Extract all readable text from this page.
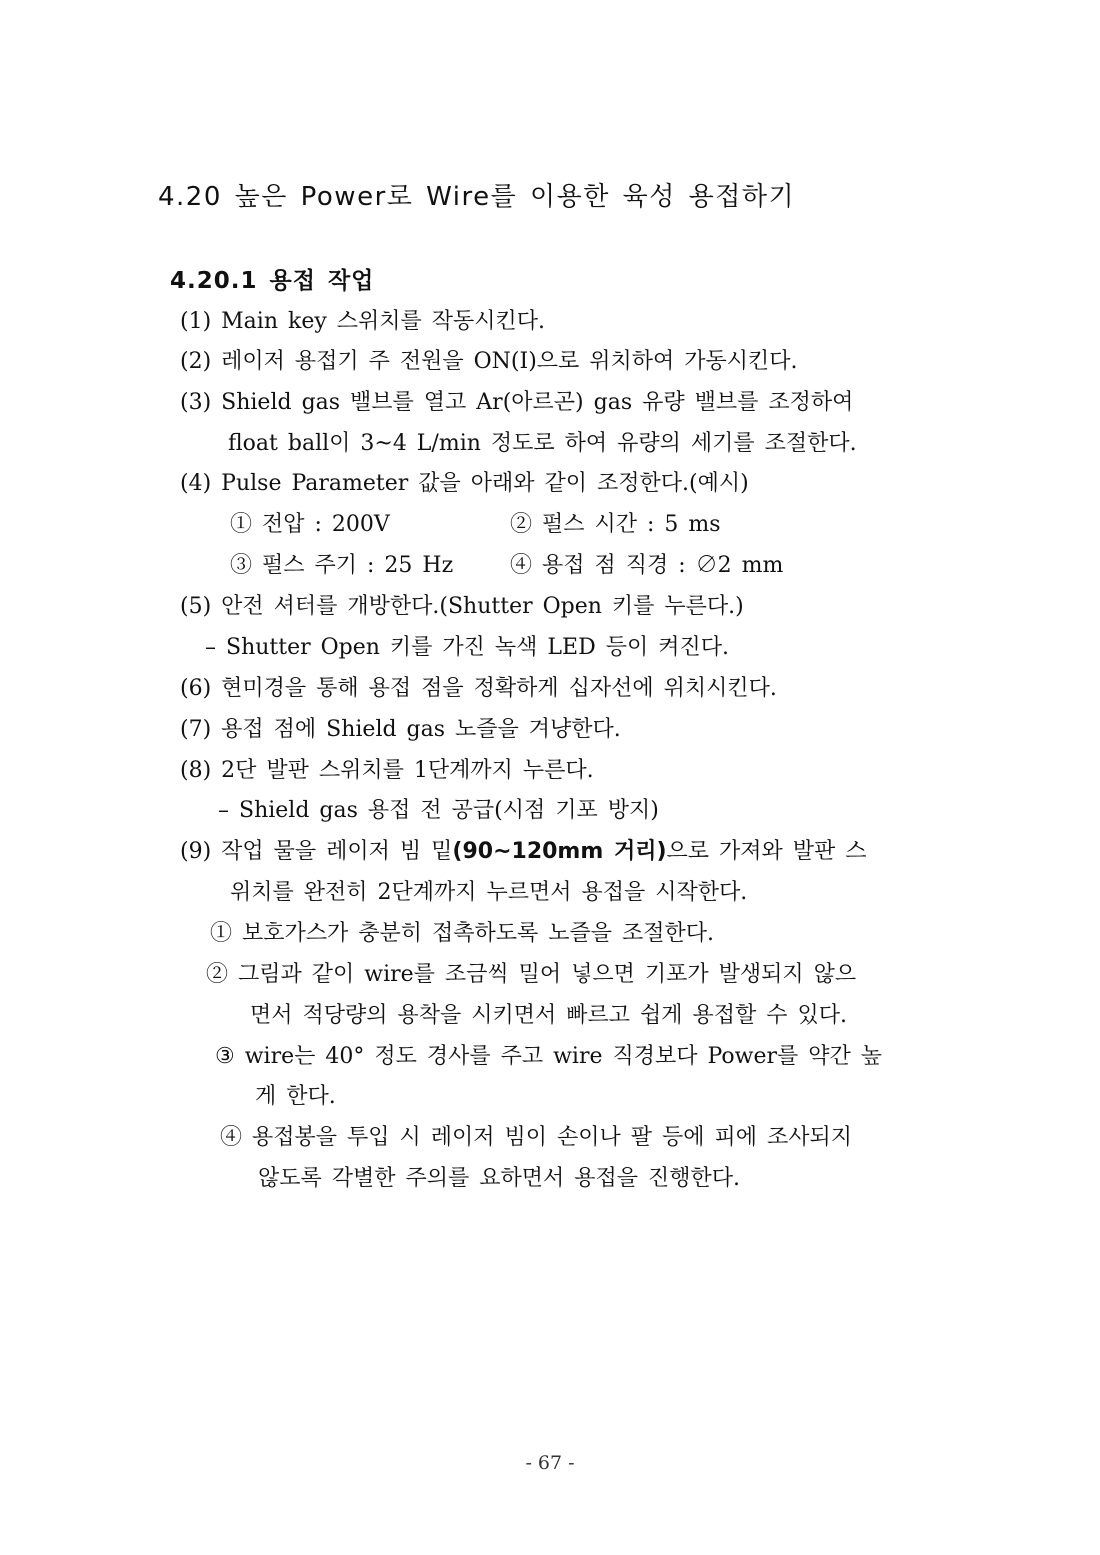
4.20 높은 Power로 Wire를 이용한 육성 용접하기
4.20.1 용접 작업
(1) Main key 스위치를 작동시킨다.
(2) 레이저 용접기 주 전원을 ON(Ⅰ)으로 위치하여 가동시킨다.
(3) Shield gas 밸브를 열고 Ar(아르곤) gas 유량 밸브를 조정하여
float ball이 3~4 L/min 정도로 하여 유량의 세기를 조절한다.
(4) Pulse Parameter 값을 아래와 같이 조정한다.(예시)
① 전압 : 200V	② 펄스 시간 : 5 ms
③ 펄스 주기 : 25 Hz	④ 용접 점 직경 : ∅2 mm
(5) 안전 셔터를 개방한다.(Shutter Open 키를 누른다.)
– Shutter Open 키를 가진 녹색 LED 등이 켜진다.
(6) 현미경을 통해 용접 점을 정확하게 십자선에 위치시킨다.
(7) 용접 점에 Shield gas 노즐을 겨냥한다.
(8) 2단 발판 스위치를 1단계까지 누른다.
– Shield gas 용접 전 공급(시점 기포 방지)
(9) 작업 물을 레이저 빔 밑(90~120mm 거리)으로 가져와 발판 스
위치를 완전히 2단계까지 누르면서 용접을 시작한다.
① 보호가스가 충분히 접촉하도록 노즐을 조절한다.
② 그림과 같이 wire를 조금씩 밀어 넣으면 기포가 발생되지 않으
면서 적당량의 용착을 시키면서 빠르고 쉽게 용접할 수 있다.
③ wire는 40° 정도 경사를 주고 wire 직경보다 Power를 약간 높
게 한다.
④ 용접봉을 투입 시 레이저 빔이 손이나 팔 등에 피에 조사되지
않도록 각별한 주의를 요하면서 용접을 진행한다.
- 67 -
